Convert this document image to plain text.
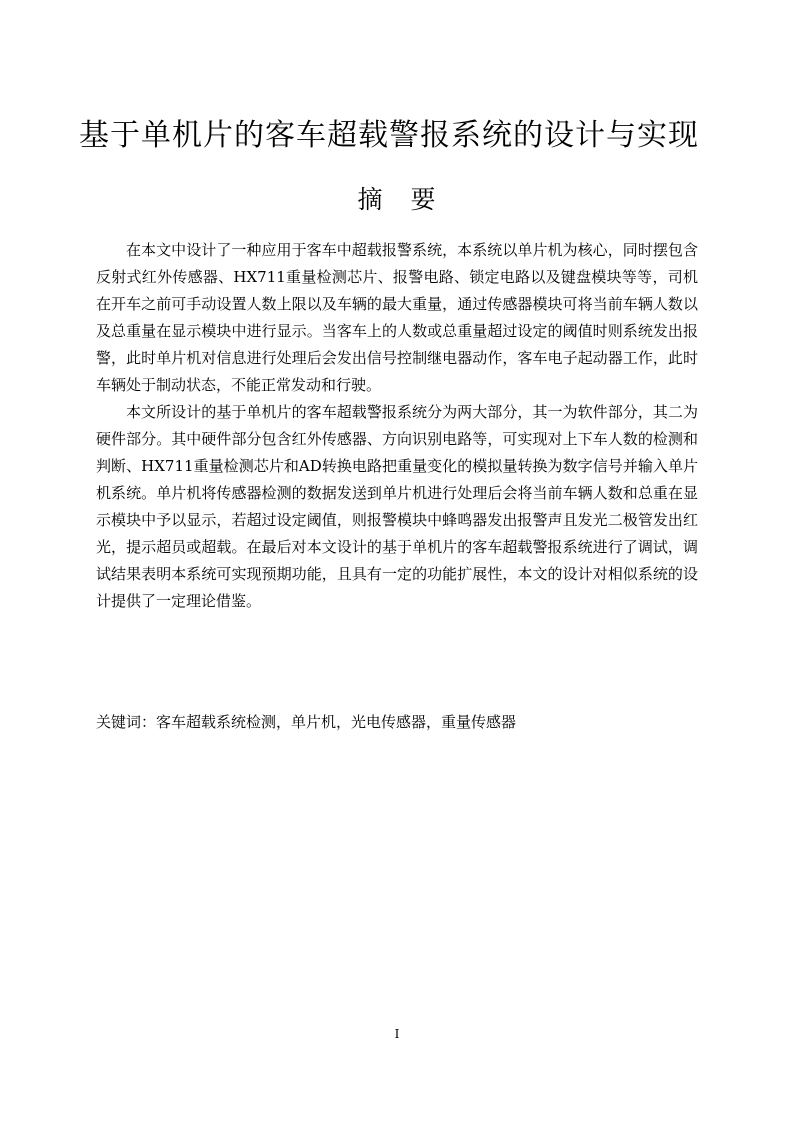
基于单机片的客车超载警报系统的设计与实现
摘要

在本文中设计了一种应用于客车中超载报警系统，本系统以单片机为核心，同时摆包含反射式红外传感器、HX711重量检测芯片、报警电路、锁定电路以及键盘模块等等，司机在开车之前可手动设置人数上限以及车辆的最大重量，通过传感器模块可将当前车辆人数以及总重量在显示模块中进行显示。当客车上的人数或总重量超过设定的阈值时则系统发出报警，此时单片机对信息进行处理后会发出信号控制继电器动作，客车电子起动器工作，此时车辆处于制动状态，不能正常发动和行驶。

本文所设计的基于单机片的客车超载警报系统分为两大部分，其一为软件部分，其二为硬件部分。其中硬件部分包含红外传感器、方向识别电路等，可实现对上下车人数的检测和判断、HX711重量检测芯片和AD转换电路把重量变化的模拟量转换为数字信号并输入单片机系统。单片机将传感器检测的数据发送到单片机进行处理后会将当前车辆人数和总重在显示模块中予以显示，若超过设定阈值，则报警模块中蜂鸣器发出报警声且发光二极管发出红光，提示超员或超载。在最后对本文设计的基于单机片的客车超载警报系统进行了调试，调试结果表明本系统可实现预期功能，且具有一定的功能扩展性，本文的设计对相似系统的设计提供了一定理论借鉴。

关键词：客车超载系统检测，单片机，光电传感器，重量传感器

I
